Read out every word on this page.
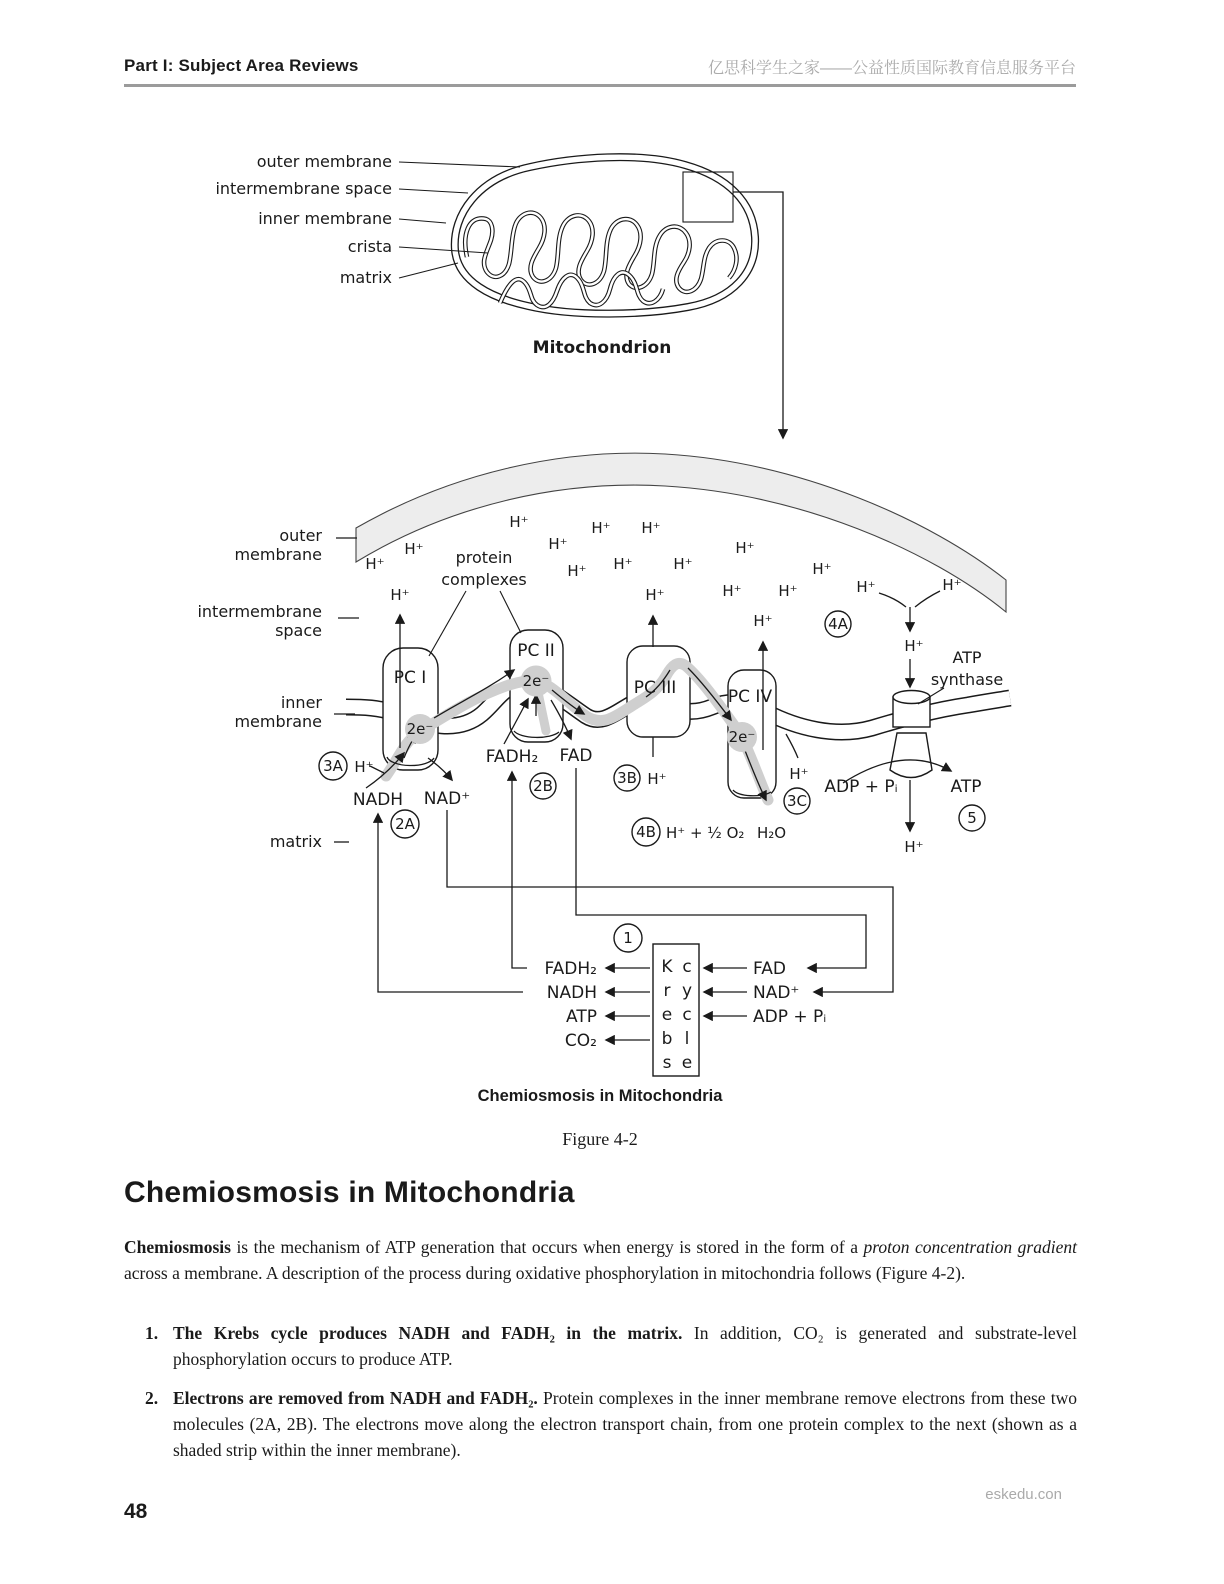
Part I: Subject Area Reviews	亿思科学生之家——公益性质国际教育信息服务平台
outer membrane
intermembrane space
inner membrane
crista
matrix
Mitochondrion
2e⁻
2e⁻
2e⁻
H⁺
H⁺
H⁺
H⁺
H⁺
H⁺
H⁺
H⁺
H⁺
H⁺
H⁺
H⁺
H⁺
H⁺	H⁺
H⁺
H⁺	H⁺
H⁺
H⁺
PC I
PC II
PC III	PC IV
protein
complexes
ATP
synthase
outer
membrane
intermembrane
space
inner
membrane
matrix
NADH NAD⁺
FADH₂ FAD
H⁺
H⁺	H⁺
H⁺ + ½ O₂ H₂O
ADP + Pᵢ	ATP
3A
2A
2B	3B
3C
4A
4B
5
1
K
r
e
b
s
c
y
c
l
e
FADH₂
NADH
ATP
CO₂
FAD
NAD⁺
ADP + Pᵢ
Chemiosmosis in Mitochondria
Figure 4-2
Chemiosmosis in Mitochondria
Chemiosmosis is the mechanism of ATP generation that occurs when energy is stored in the form of a proton concentration gradient across a membrane. A description of the process during oxidative phosphorylation in mitochondria follows (Figure 4-2).
1. The Krebs cycle produces NADH and FADH₂ in the matrix. In addition, CO₂ is generated and substrate-level phosphorylation occurs to produce ATP.
2. Electrons are removed from NADH and FADH₂. Protein complexes in the inner membrane remove electrons from these two molecules (2A, 2B). The electrons move along the electron transport chain, from one protein complex to the next (shown as a shaded strip within the inner membrane).
eskedu.con
48
